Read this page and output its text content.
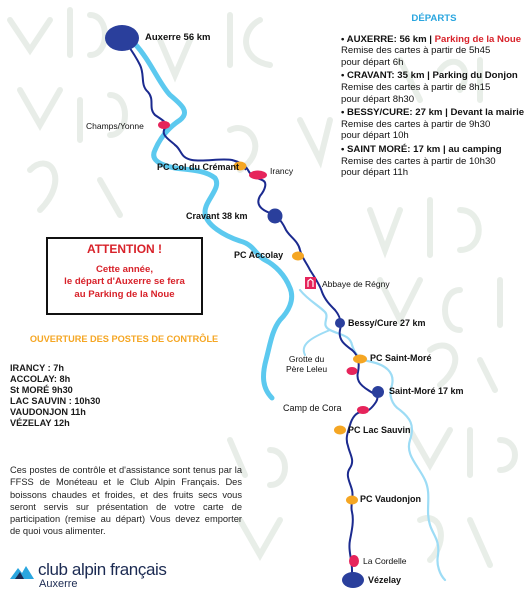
Auxerre 56 km
Champs/Yonne
PC Col du Crémant	Irancy
Cravant 38 km
PC Accolay
Abbaye de Régny
Bessy/Cure 27 km
Grotte du
Père Leleu
PC Saint-Moré
Saint-Moré 17 km
Camp de Cora
PC Lac Sauvin
PC Vaudonjon
La Cordelle
Vézelay
DÉPARTS
• AUXERRE: 56 km | Parking de la Noue
Remise des cartes à partir de 5h45
pour départ 6h
• CRAVANT: 35 km | Parking du Donjon
Remise des cartes à partir de 8h15
pour départ 8h30
• BESSY/CURE: 27 km | Devant la mairie
Remise des cartes à partir de 9h30
pour départ 10h
• SAINT MORÉ: 17 km | au camping
Remise des cartes à partir de 10h30
pour départ 11h
ATTENTION !
Cette année,
le départ d'Auxerre se fera
au Parking de la Noue
OUVERTURE DES POSTES DE CONTRÔLE
IRANCY : 7h
ACCOLAY: 8h
St MORÉ 9h30
LAC SAUVIN : 10h30
VAUDONJON 11h
VÉZELAY 12h
Ces postes de contrôle et d'assistance sont tenus par la FFSS de Monéteau et le Club Alpin Français. Des boissons chaudes et froides, et des fruits secs vous seront servis sur présentation de votre carte de participation (remise au départ) Vous devez emporter de quoi vous alimenter.
club alpin français
Auxerre
